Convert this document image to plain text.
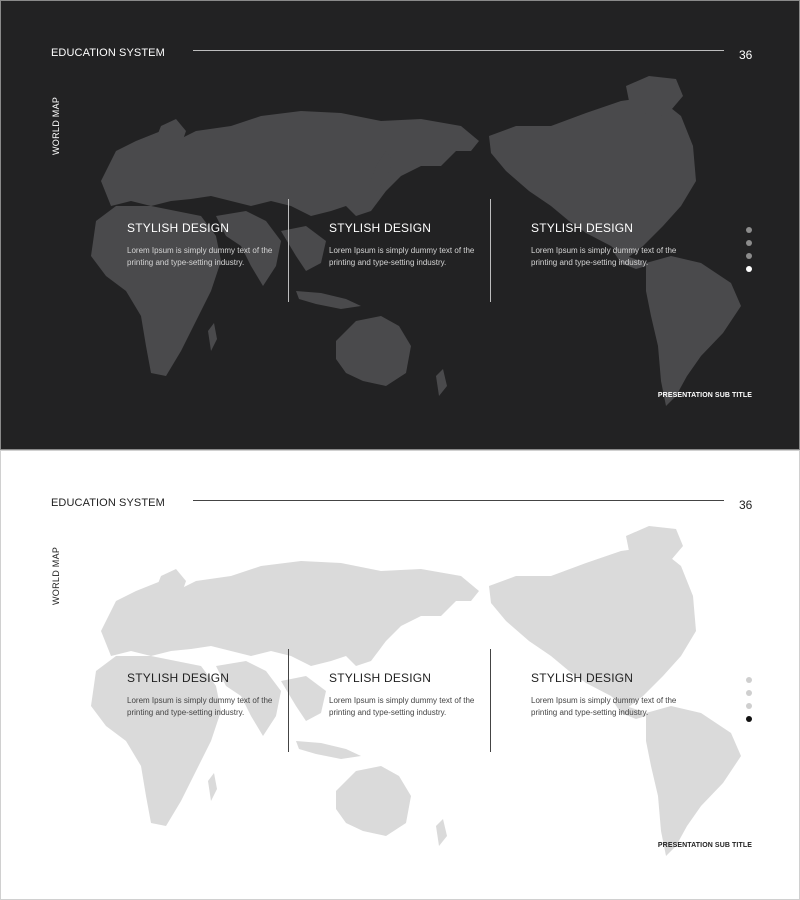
EDUCATION SYSTEM	36
WORLD MAP
STYLISH DESIGN

Lorem Ipsum is simply dummy text of the printing and type-setting industry.

STYLISH DESIGN

Lorem Ipsum is simply dummy text of the printing and type-setting industry.

STYLISH DESIGN

Lorem Ipsum is simply dummy text of the printing and type-setting industry.

PRESENTATION SUB TITLE
EDUCATION SYSTEM	36
WORLD MAP
STYLISH DESIGN

Lorem Ipsum is simply dummy text of the printing and type-setting industry.

STYLISH DESIGN

Lorem Ipsum is simply dummy text of the printing and type-setting industry.

STYLISH DESIGN

Lorem Ipsum is simply dummy text of the printing and type-setting industry.

PRESENTATION SUB TITLE
